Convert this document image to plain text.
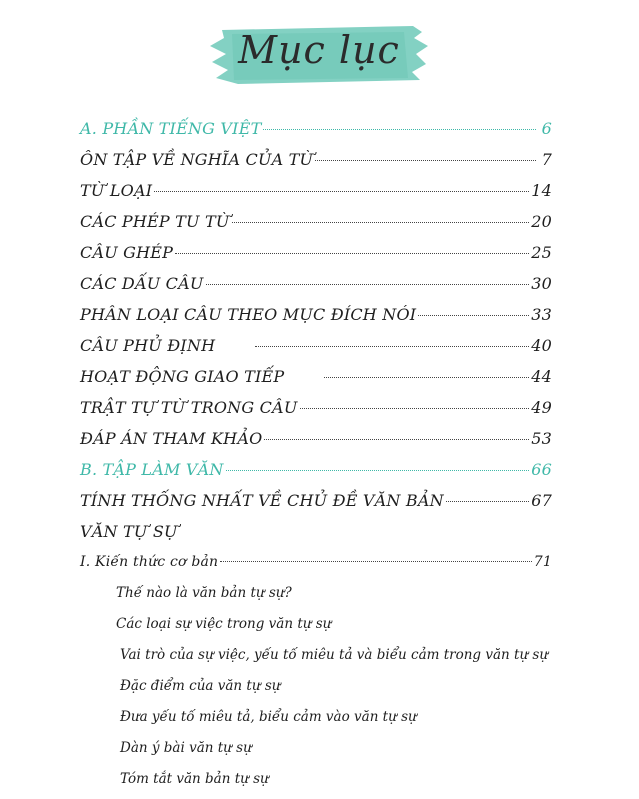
Mục lục
A. PHẦN TIẾNG VIỆT	6
ÔN TẬP VỀ NGHĨA CỦA TỪ	7
TỪ LOẠI	14
CÁC PHÉP TU TỪ	20
CÂU GHÉP	25
CÁC DẤU CÂU	30
PHÂN LOẠI CÂU THEO MỤC ĐÍCH NÓI	33
CÂU PHỦ ĐỊNH	40
HOẠT ĐỘNG GIAO TIẾP	44
TRẬT TỰ TỪ TRONG CÂU	49
ĐÁP ÁN THAM KHẢO	53
B. TẬP LÀM VĂN	66
TÍNH THỐNG NHẤT VỀ CHỦ ĐỀ VĂN BẢN	67
VĂN TỰ SỰ
I. Kiến thức cơ bản	71
Thế nào là văn bản tự sự?
Các loại sự việc trong văn tự sự
Vai trò của sự việc, yếu tố miêu tả và biểu cảm trong văn tự sự
Đặc điểm của văn tự sự
Đưa yếu tố miêu tả, biểu cảm vào văn tự sự
Dàn ý bài văn tự sự
Tóm tắt văn bản tự sự
